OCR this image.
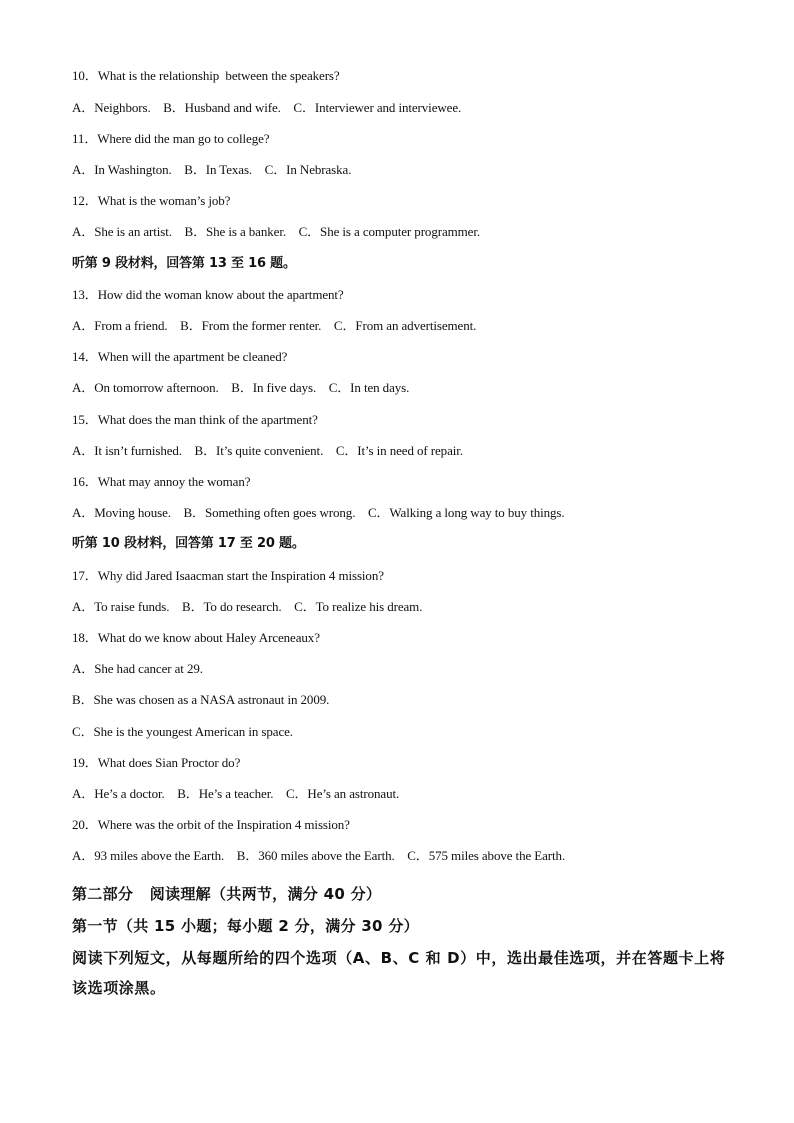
10．What is the relationship  between the speakers?
A．Neighbors.    B．Husband and wife.    C．Interviewer and interviewee.
11．Where did the man go to college?
A．In Washington.    B．In Texas.    C．In Nebraska.
12．What is the woman’s job?
A．She is an artist.    B．She is a banker.    C．She is a computer programmer.
听第 9 段材料，回答第 13 至 16 题。
13．How did the woman know about the apartment?
A．From a friend.    B．From the former renter.    C．From an advertisement.
14．When will the apartment be cleaned?
A．On tomorrow afternoon.    B．In five days.    C．In ten days.
15．What does the man think of the apartment?
A．It isn’t furnished.    B．It’s quite convenient.    C．It’s in need of repair.
16．What may annoy the woman?
A．Moving house.    B．Something often goes wrong.    C．Walking a long way to buy things.
听第 10 段材料，回答第 17 至 20 题。
17．Why did Jared Isaacman start the Inspiration 4 mission?
A．To raise funds.    B．To do research.    C．To realize his dream.
18．What do we know about Haley Arceneaux?
A．She had cancer at 29.
B．She was chosen as a NASA astronaut in 2009.
C．She is the youngest American in space.
19．What does Sian Proctor do?
A．He’s a doctor.    B．He’s a teacher.    C．He’s an astronaut.
20．Where was the orbit of the Inspiration 4 mission?
A．93 miles above the Earth.    B．360 miles above the Earth.    C．575 miles above the Earth.
第二部分   阅读理解（共两节，满分 40 分）
第一节（共 15 小题；每小题 2 分，满分 30 分）
阅读下列短文，从每题所给的四个选项（A、B、C 和 D）中，选出最佳选项，并在答题卡上将该选项涂黑。
